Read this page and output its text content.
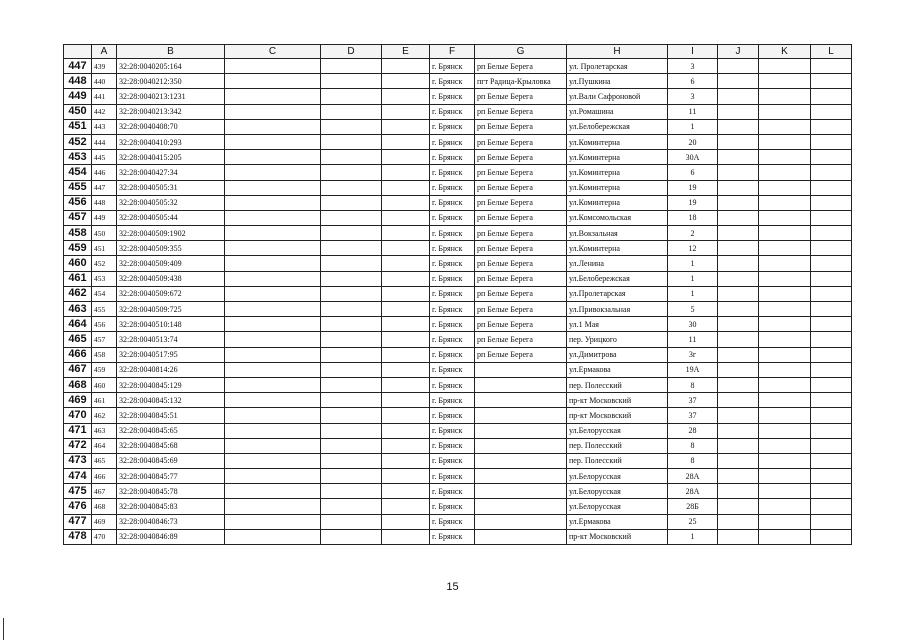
	A	B	C	D	E	F	G	H	I	J	K	L
447	439	32:28:0040205:164				г. Брянск	рп Белые Берега	ул. Пролетарская	3			
448	440	32:28:0040212:350				г. Брянск	пгт Радица-Крыловка	ул.Пушкина	6			
449	441	32:28:0040213:1231				г. Брянск	рп Белые Берега	ул.Вали Сафроновой	3			
450	442	32:28:0040213:342				г. Брянск	рп Белые Берега	ул.Ромашина	11			
451	443	32:28:0040408:70				г. Брянск	рп Белые Берега	ул.Белобережская	1			
452	444	32:28:0040410:293				г. Брянск	рп Белые Берега	ул.Коминтерна	20			
453	445	32:28:0040415:205				г. Брянск	рп Белые Берега	ул.Коминтерна	30А			
454	446	32:28:0040427:34				г. Брянск	рп Белые Берега	ул.Коминтерна	6			
455	447	32:28:0040505:31				г. Брянск	рп Белые Берега	ул.Коминтерна	19			
456	448	32:28:0040505:32				г. Брянск	рп Белые Берега	ул.Коминтерна	19			
457	449	32:28:0040505:44				г. Брянск	рп Белые Берега	ул.Комсомольская	18			
458	450	32:28:0040509:1902				г. Брянск	рп Белые Берега	ул.Вокзальная	2			
459	451	32:28:0040509:355				г. Брянск	рп Белые Берега	ул.Коминтерна	12			
460	452	32:28:0040509:409				г. Брянск	рп Белые Берега	ул.Ленина	1			
461	453	32:28:0040509:438				г. Брянск	рп Белые Берега	ул.Белобережская	1			
462	454	32:28:0040509:672				г. Брянск	рп Белые Берега	ул.Пролетарская	1			
463	455	32:28:0040509:725				г. Брянск	рп Белые Берега	ул.Привокзальная	5			
464	456	32:28:0040510:148				г. Брянск	рп Белые Берега	ул.1 Мая	30			
465	457	32:28:0040513:74				г. Брянск	рп Белые Берега	пер. Урицкого	11			
466	458	32:28:0040517:95				г. Брянск	рп Белые Берега	ул.Димитрова	3г			
467	459	32:28:0040814:26				г. Брянск		ул.Ермакова	19А			
468	460	32:28:0040845:129				г. Брянск		пер. Полесский	8			
469	461	32:28:0040845:132				г. Брянск		пр-кт Московский	37			
470	462	32:28:0040845:51				г. Брянск		пр-кт Московский	37			
471	463	32:28:0040845:65				г. Брянск		ул.Белорусская	28			
472	464	32:28:0040845:68				г. Брянск		пер. Полесский	8			
473	465	32:28:0040845:69				г. Брянск		пер. Полесский	8			
474	466	32:28:0040845:77				г. Брянск		ул.Белорусская	28А			
475	467	32:28:0040845:78				г. Брянск		ул.Белорусская	28А			
476	468	32:28:0040845:83				г. Брянск		ул.Белорусская	28Б			
477	469	32:28:0040846:73				г. Брянск		ул.Ермакова	25			
478	470	32:28:0040846:89				г. Брянск		пр-кт Московский	1			
15
